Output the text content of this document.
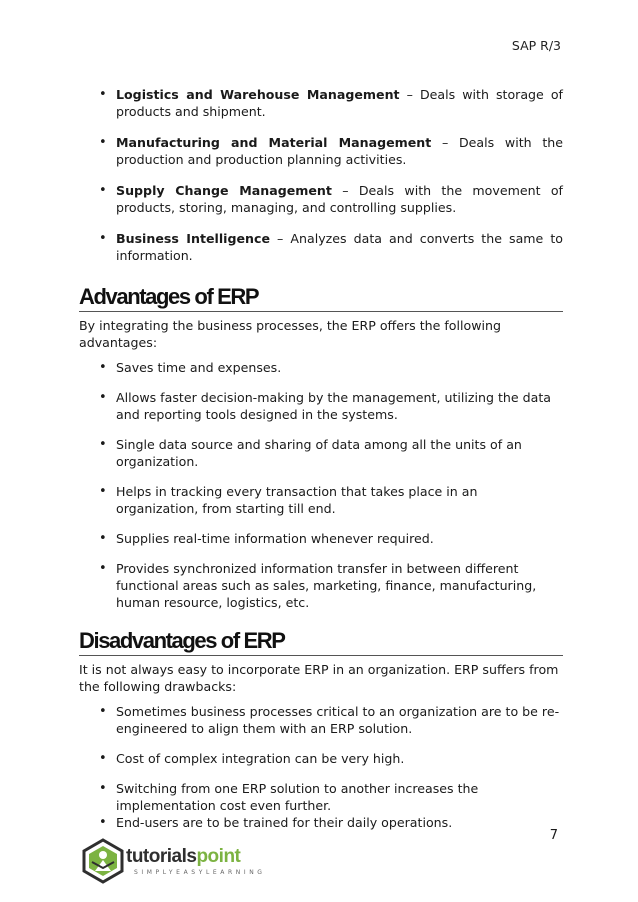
SAP R/3
• Logistics and Warehouse Management – Deals with storage of products and shipment.
• Manufacturing and Material Management – Deals with the production and production planning activities.
• Supply Change Management – Deals with the movement of products, storing, managing, and controlling supplies.
• Business Intelligence – Analyzes data and converts the same to information.
Advantages of ERP
By integrating the business processes, the ERP offers the following advantages:
• Saves time and expenses.
• Allows faster decision-making by the management, utilizing the data and reporting tools designed in the systems.
• Single data source and sharing of data among all the units of an organization.
• Helps in tracking every transaction that takes place in an organization, from starting till end.
• Supplies real-time information whenever required.
• Provides synchronized information transfer in between different functional areas such as sales, marketing, finance, manufacturing, human resource, logistics, etc.
Disadvantages of ERP
It is not always easy to incorporate ERP in an organization. ERP suffers from the following drawbacks:
• Sometimes business processes critical to an organization are to be re-engineered to align them with an ERP solution.
• Cost of complex integration can be very high.
• Switching from one ERP solution to another increases the implementation cost even further.
• End-users are to be trained for their daily operations.
7
tutorialspoint
SIMPLYEASYLEARNING
